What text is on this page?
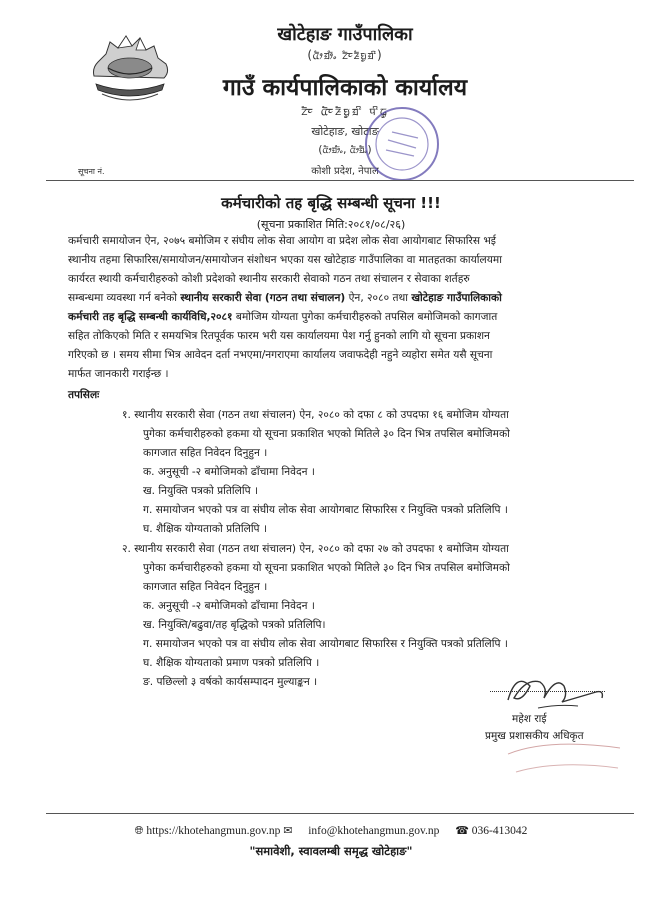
खोटेहाङ गाउँपालिका
(ᤂᤥᤀᤣᤠᤱ ᤁᤠᤰᤏᤠᤎᤢᤀᤡ)
गाउँ कार्यपालिकाको कार्यालय
ᤁᤠᤰ ᤂᤠᤰᤏᤠᤎᤢᤀᤡ ᤄᤡᤒᤢ
खोटेहाङ, खोटाङ
(ᤂᤥᤀᤣᤠᤱ, ᤂᤥᤀᤠᤱ)
कोशी प्रदेश, नेपाल
सूचना नं.
कर्मचारीको तह बृद्धि सम्बन्धी सूचना !!!
(सूचना प्रकाशित मिति:२०८१/०८/२६)
कर्मचारी समायोजन ऐन, २०७५ बमोजिम र संघीय लोक सेवा आयोग वा प्रदेश लोक सेवा आयोगबाट सिफारिस भई
स्थानीय तहमा सिफारिस/समायोजन/समायोजन संशोधन भएका यस खोटेहाङ गाउँपालिका वा मातहतका कार्यालयमा
कार्यरत स्थायी कर्मचारीहरुको कोशी प्रदेशको स्थानीय सरकारी सेवाको गठन तथा संचालन र सेवाका शर्तहरु
सम्बन्धमा व्यवस्था गर्न बनेको स्थानीय सरकारी सेवा (गठन तथा संचालन) ऐन, २०८० तथा खोटेहाङ गाउँपालिकाको
कर्मचारी तह बृद्धि सम्बन्धी कार्यविधि,२०८१ बमोजिम योग्यता पुगेका कर्मचारीहरुको तपसिल बमोजिमको कागजात
सहित तोकिएको मिति र समयभित्र रितपूर्वक फारम भरी यस कार्यालयमा पेश गर्नु हुनको लागि यो सूचना प्रकाशन
गरिएको छ । समय सीमा भित्र आवेदन दर्ता नभएमा/नगराएमा कार्यालय जवाफदेही नहुने व्यहोरा समेत यसै सूचना
मार्फत जानकारी गराईन्छ ।
तपसिलः
१. स्थानीय सरकारी सेवा (गठन तथा संचालन) ऐन, २०८० को दफा ८ को उपदफा १६ बमोजिम योग्यता
पुगेका कर्मचारीहरुको हकमा यो सूचना प्रकाशित भएको मितिले ३० दिन भित्र तपसिल बमोजिमको
कागजात सहित निवेदन दिनुहुन ।
क. अनुसूची -२ बमोजिमको ढाँचामा निवेदन ।
ख. नियुक्ति पत्रको प्रतिलिपि ।
ग. समायोजन भएको पत्र वा संघीय लोक सेवा आयोगबाट सिफारिस र नियुक्ति पत्रको प्रतिलिपि ।
घ. शैक्षिक योग्यताको प्रतिलिपि ।
२. स्थानीय सरकारी सेवा (गठन तथा संचालन) ऐन, २०८० को दफा २७ को उपदफा १ बमोजिम योग्यता
पुगेका कर्मचारीहरुको हकमा यो सूचना प्रकाशित भएको मितिले ३० दिन भित्र तपसिल बमोजिमको
कागजात सहित निवेदन दिनुहुन ।
क. अनुसूची -२ बमोजिमको ढाँचामा निवेदन ।
ख. नियुक्ति/बढुवा/तह बृद्धिको पत्रको प्रतिलिपि।
ग. समायोजन भएको पत्र वा संघीय लोक सेवा आयोगबाट सिफारिस र नियुक्ति पत्रको प्रतिलिपि ।
घ. शैक्षिक योग्यताको प्रमाण पत्रको प्रतिलिपि ।
ङ. पछिल्लो ३ वर्षको कार्यसम्पादन मुल्याङ्कन ।
महेश राई
प्रमुख प्रशासकीय अधिकृत
🌐︎ https://khotehangmun.gov.np ✉ info@khotehangmun.gov.np ☎ 036-413042
"समावेशी, स्वावलम्बी समृद्ध खोटेहाङ"
